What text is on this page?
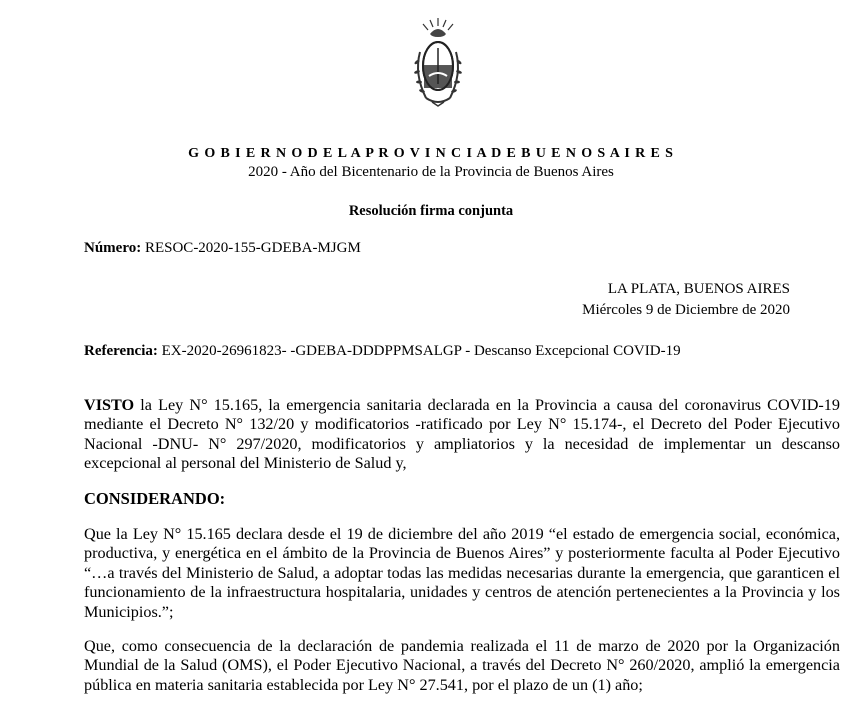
G O B I E R N O D E L A P R O V I N C I A D E B U E N O S A I R E S
2020 - Año del Bicentenario de la Provincia de Buenos Aires
Resolución firma conjunta
Número: RESOC-2020-155-GDEBA-MJGM
LA PLATA, BUENOS AIRES
Miércoles 9 de Diciembre de 2020
Referencia: EX-2020-26961823- -GDEBA-DDDPPMSALGP - Descanso Excepcional COVID-19

VISTO la Ley N° 15.165, la emergencia sanitaria declarada en la Provincia a causa del coronavirus COVID-19 mediante el Decreto N° 132/20 y modificatorios -ratificado por Ley N° 15.174-, el Decreto del Poder Ejecutivo Nacional -DNU- N° 297/2020, modificatorios y ampliatorios y la necesidad de implementar un descanso excepcional al personal del Ministerio de Salud y,

CONSIDERANDO:

Que la Ley N° 15.165 declara desde el 19 de diciembre del año 2019 “el estado de emergencia social, económica, productiva, y energética en el ámbito de la Provincia de Buenos Aires” y posteriormente faculta al Poder Ejecutivo “…a través del Ministerio de Salud, a adoptar todas las medidas necesarias durante la emergencia, que garanticen el funcionamiento de la infraestructura hospitalaria, unidades y centros de atención pertenecientes a la Provincia y los Municipios.”;

Que, como consecuencia de la declaración de pandemia realizada el 11 de marzo de 2020 por la Organización Mundial de la Salud (OMS), el Poder Ejecutivo Nacional, a través del Decreto N° 260/2020, amplió la emergencia pública en materia sanitaria establecida por Ley N° 27.541, por el plazo de un (1) año;
